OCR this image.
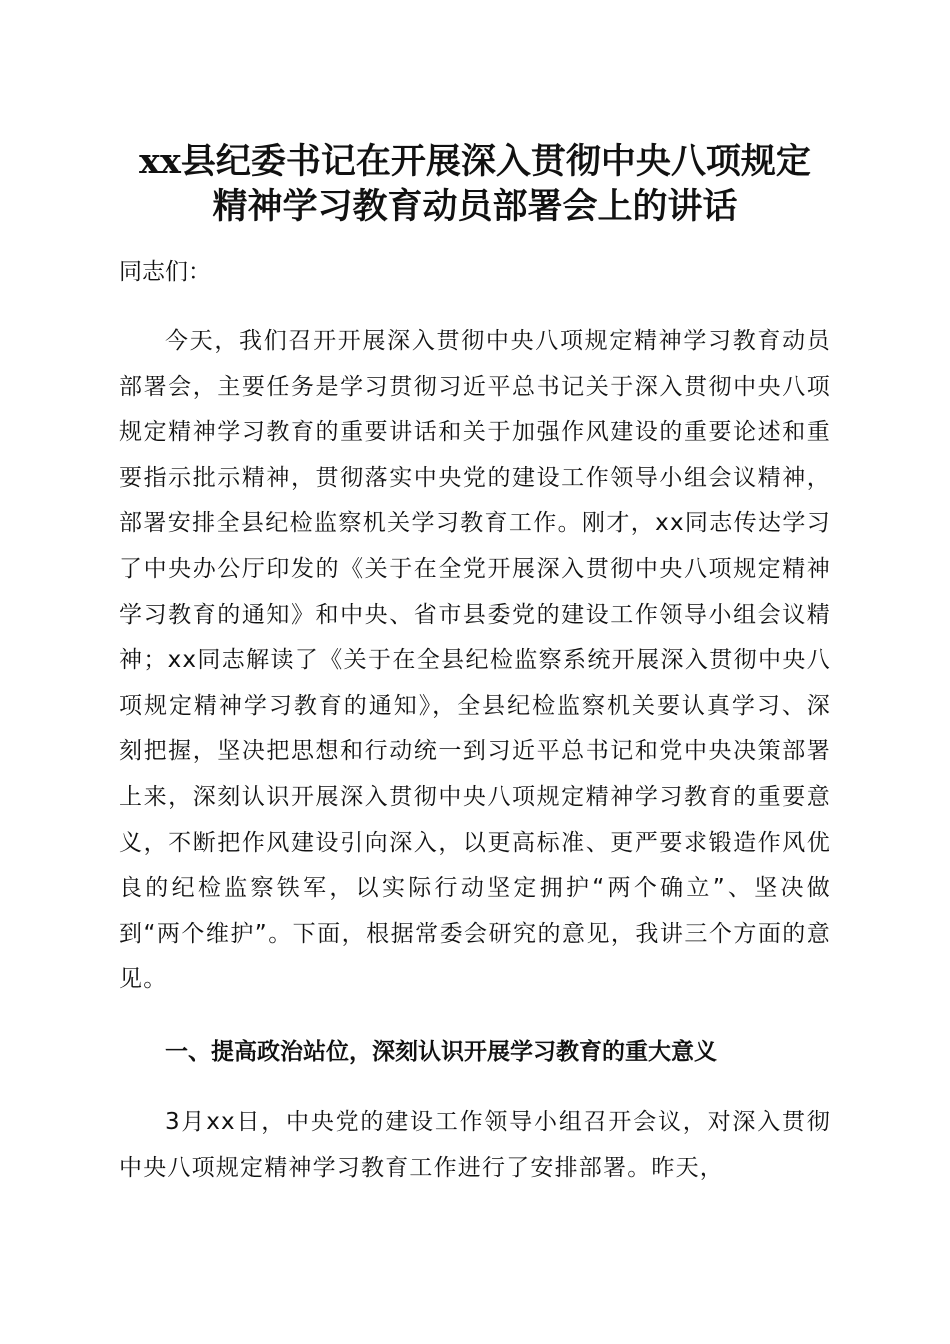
xx县纪委书记在开展深入贯彻中央八项规定
精神学习教育动员部署会上的讲话

同志们：

今天，我们召开开展深入贯彻中央八项规定精神学习教育动员部署会，主要任务是学习贯彻习近平总书记关于深入贯彻中央八项规定精神学习教育的重要讲话和关于加强作风建设的重要论述和重要指示批示精神，贯彻落实中央党的建设工作领导小组会议精神，部署安排全县纪检监察机关学习教育工作。刚才，xx同志传达学习了中央办公厅印发的《关于在全党开展深入贯彻中央八项规定精神学习教育的通知》和中央、省市县委党的建设工作领导小组会议精神；xx同志解读了《关于在全县纪检监察系统开展深入贯彻中央八项规定精神学习教育的通知》，全县纪检监察机关要认真学习、深刻把握，坚决把思想和行动统一到习近平总书记和党中央决策部署上来，深刻认识开展深入贯彻中央八项规定精神学习教育的重要意义，不断把作风建设引向深入，以更高标准、更严要求锻造作风优良的纪检监察铁军，以实际行动坚定拥护“两个确立”、坚决做到“两个维护”。下面，根据常委会研究的意见，我讲三个方面的意见。

一、提高政治站位，深刻认识开展学习教育的重大意义

3月xx日，中央党的建设工作领导小组召开会议，对深入贯彻中央八项规定精神学习教育工作进行了安排部署。昨天，
